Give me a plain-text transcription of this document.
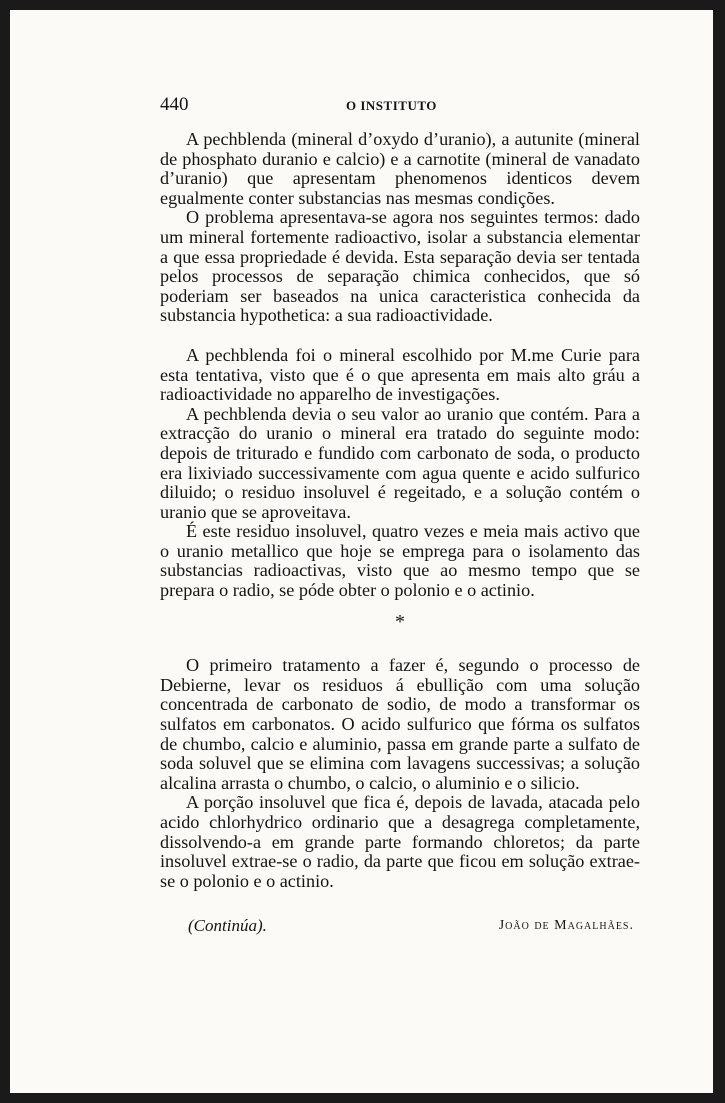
440	O INSTITUTO

A pechblenda (mineral d’oxydo d’uranio), a autunite (mineral de phosphato duranio e calcio) e a carnotite (mineral de vanadato d’uranio) que apresentam phenomenos identicos devem egualmente conter substancias nas mesmas condições.

O problema apresentava-se agora nos seguintes termos: dado um mineral fortemente radioactivo, isolar a substancia elementar a que essa propriedade é devida. Esta separação devia ser tentada pelos processos de separação chimica conhecidos, que só poderiam ser baseados na unica caracteristica conhecida da substancia hypothetica: a sua radioactividade.

A pechblenda foi o mineral escolhido por M.me Curie para esta tentativa, visto que é o que apresenta em mais alto gráu a radioactividade no apparelho de investigações.

A pechblenda devia o seu valor ao uranio que contém. Para a extracção do uranio o mineral era tratado do seguinte modo: depois de triturado e fundido com carbonato de soda, o producto era lixiviado successivamente com agua quente e acido sulfurico diluido; o residuo insoluvel é regeitado, e a solução contém o uranio que se aproveitava.

É este residuo insoluvel, quatro vezes e meia mais activo que o uranio metallico que hoje se emprega para o isolamento das substancias radioactivas, visto que ao mesmo tempo que se prepara o radio, se póde obter o polonio e o actinio.

*

O primeiro tratamento a fazer é, segundo o processo de Debierne, levar os residuos á ebullição com uma solução concentrada de carbonato de sodio, de modo a transformar os sulfatos em carbonatos. O acido sulfurico que fórma os sulfatos de chumbo, calcio e aluminio, passa em grande parte a sulfato de soda soluvel que se elimina com lavagens successivas; a solução alcalina arrasta o chumbo, o calcio, o aluminio e o silicio.

A porção insoluvel que fica é, depois de lavada, atacada pelo acido chlorhydrico ordinario que a desagrega completamente, dissolvendo-a em grande parte formando chloretos; da parte insoluvel extrae-se o radio, da parte que ficou em solução extrae-se o polonio e o actinio.

(Continúa).	João de Magalhães.
